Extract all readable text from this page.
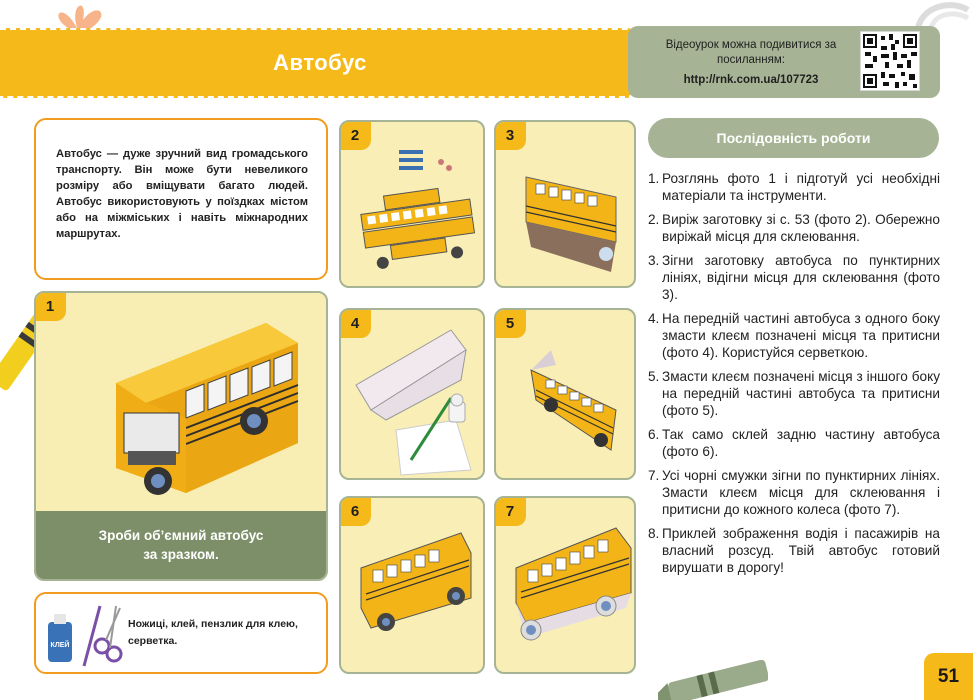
Автобус
Відеоурок можна подивитися за посиланням:
http://rnk.com.ua/107723

Автобус — дуже зручний вид громадського транспорту. Він може бути невеликого розміру або вміщувати багато людей. Автобус використовують у поїздках містом або на міжміських і навіть міжнародних маршрутах.

1
Зроби об’ємний автобус
за зразком.
2	3
4	5
6	7
КЛЕЙ
Ножиці, клей, пензлик для клею, серветка.
Послідовність роботи
1. Розглянь фото 1 і підготуй усі необхідні матеріали та інструменти.
2. Виріж заготовку зі с. 53 (фото 2). Обережно виріжай місця для склеювання.
3. Зігни заготовку автобуса по пунктирних лініях, відігни місця для склеювання (фото 3).
4. На передній частині автобуса з одного боку змасти клеєм позначені місця та притисни (фото 4). Користуйся серветкою.
5. Змасти клеєм позначені місця з іншого боку на передній частині автобуса та притисни (фото 5).
6. Так само склей задню частину автобуса (фото 6).
7. Усі чорні смужки зігни по пунктирних лініях. Змасти клеєм місця для склеювання і притисни до кожного колеса (фото 7).
8. Приклей зображення водія і пасажирів на власний розсуд. Твій автобус готовий вирушати в дорогу!
51
